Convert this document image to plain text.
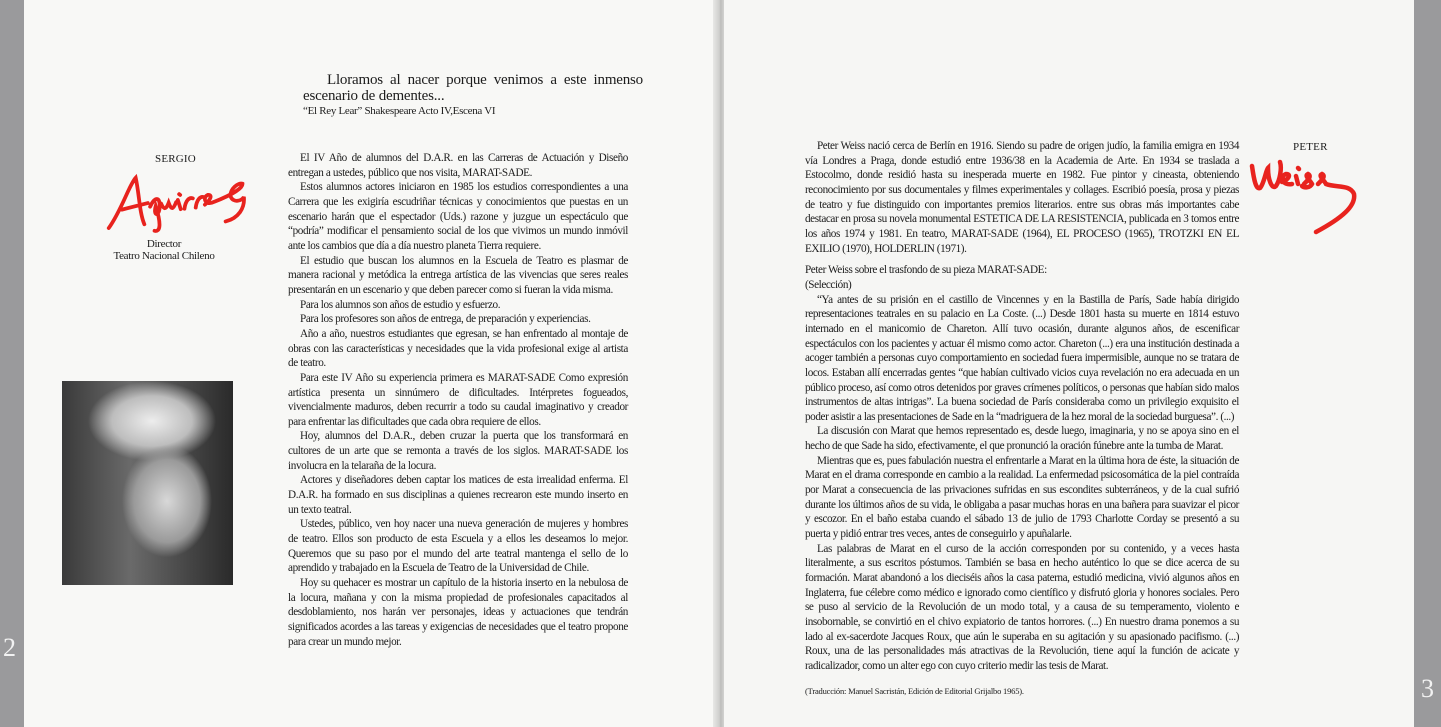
Lloramos al nacer porque venimos a este inmenso escenario de dementes...
“El Rey Lear” Shakespeare Acto IV,Escena VI
SERGIO
Director
Teatro Nacional Chileno

El IV Año de alumnos del D.A.R. en las Carreras de Actuación y Diseño entregan a ustedes, público que nos visita, MARAT-SADE.

Estos alumnos actores iniciaron en 1985 los estudios correspondientes a una Carrera que les exigiría escudriñar técnicas y conocimientos que puestas en un escenario harán que el espectador (Uds.) razone y juzgue un espectáculo que “podría” modificar el pensamiento social de los que vivimos un mundo inmóvil ante los cambios que día a día nuestro planeta Tierra requiere.

El estudio que buscan los alumnos en la Escuela de Teatro es plasmar de manera racional y metódica la entrega artística de las vivencias que seres reales presentarán en un escenario y que deben parecer como si fueran la vida misma.

Para los alumnos son años de estudio y esfuerzo.

Para los profesores son años de entrega, de preparación y experiencias.

Año a año, nuestros estudiantes que egresan, se han enfrentado al montaje de obras con las características y necesidades que la vida profesional exige al artista de teatro.

Para este IV Año su experiencia primera es MARAT-SADE Como expresión artística presenta un sinnúmero de dificultades. Intérpretes fogueados, vivencialmente maduros, deben recurrir a todo su caudal imaginativo y creador para enfrentar las dificultades que cada obra requiere de ellos.

Hoy, alumnos del D.A.R., deben cruzar la puerta que los transformará en cultores de un arte que se remonta a través de los siglos. MARAT-SADE los involucra en la telaraña de la locura.

Actores y diseñadores deben captar los matices de esta irrealidad enferma. El D.A.R. ha formado en sus disciplinas a quienes recrearon este mundo inserto en un texto teatral.

Ustedes, público, ven hoy nacer una nueva generación de mujeres y hombres de teatro. Ellos son producto de esta Escuela y a ellos les deseamos lo mejor. Queremos que su paso por el mundo del arte teatral mantenga el sello de lo aprendido y trabajado en la Escuela de Teatro de la Universidad de Chile.

Hoy su quehacer es mostrar un capítulo de la historia inserto en la nebulosa de la locura, mañana y con la misma propiedad de profesionales capacitados al desdoblamiento, nos harán ver personajes, ideas y actuaciones que tendrán significados acordes a las tareas y exigencias de necesidades que el teatro propone para crear un mundo mejor.

2

Peter Weiss nació cerca de Berlín en 1916. Siendo su padre de origen judío, la familia emigra en 1934 vía Londres a Praga, donde estudió entre 1936/38 en la Academia de Arte. En 1934 se traslada a Estocolmo, donde residió hasta su inesperada muerte en 1982. Fue pintor y cineasta, obteniendo reconocimiento por sus documentales y filmes experimentales y collages. Escribió poesía, prosa y piezas de teatro y fue distinguido con importantes premios literarios. entre sus obras más importantes cabe destacar en prosa su novela monumental ESTETICA DE LA RESISTENCIA, publicada en 3 tomos entre los años 1974 y 1981. En teatro, MARAT-SADE (1964), EL PROCESO (1965), TROTZKI EN EL EXILIO (1970), HOLDERLIN (1971).

Peter Weiss sobre el trasfondo de su pieza MARAT-SADE:

(Selección)

“Ya antes de su prisión en el castillo de Vincennes y en la Bastilla de París, Sade había dirigido representaciones teatrales en su palacio en La Coste. (...) Desde 1801 hasta su muerte en 1814 estuvo internado en el manicomio de Chareton. Allí tuvo ocasión, durante algunos años, de escenificar espectáculos con los pacientes y actuar él mismo como actor. Chareton (...) era una institución destinada a acoger también a personas cuyo comportamiento en sociedad fuera impermisible, aunque no se tratara de locos. Estaban allí encerradas gentes “que habían cultivado vicios cuya revelación no era adecuada en un público proceso, así como otros detenidos por graves crímenes políticos, o personas que habían sido malos instrumentos de altas intrigas”. La buena sociedad de París consideraba como un privilegio exquisito el poder asistir a las presentaciones de Sade en la “madriguera de la hez moral de la sociedad burguesa”. (...)

La discusión con Marat que hemos representado es, desde luego, imaginaria, y no se apoya sino en el hecho de que Sade ha sido, efectivamente, el que pronunció la oración fúnebre ante la tumba de Marat.

Mientras que es, pues fabulación nuestra el enfrentarle a Marat en la última hora de éste, la situación de Marat en el drama corresponde en cambio a la realidad. La enfermedad psicosomática de la piel contraída por Marat a consecuencia de las privaciones sufridas en sus escondites subterráneos, y de la cual sufrió durante los últimos años de su vida, le obligaba a pasar muchas horas en una bañera para suavizar el picor y escozor. En el baño estaba cuando el sábado 13 de julio de 1793 Charlotte Corday se presentó a su puerta y pidió entrar tres veces, antes de conseguirlo y apuñalarle.

Las palabras de Marat en el curso de la acción corresponden por su contenido, y a veces hasta literalmente, a sus escritos póstumos. También se basa en hecho auténtico lo que se dice acerca de su formación. Marat abandonó a los dieciséis años la casa paterna, estudió medicina, vivió algunos años en Inglaterra, fue célebre como médico e ignorado como científico y disfrutó gloria y honores sociales. Pero se puso al servicio de la Revolución de un modo total, y a causa de su temperamento, violento e insobornable, se convirtió en el chivo expiatorio de tantos horrores. (...) En nuestro drama ponemos a su lado al ex-sacerdote Jacques Roux, que aún le superaba en su agitación y su apasionado pacifismo. (...) Roux, una de las personalidades más atractivas de la Revolución, tiene aquí la función de acicate y radicalizador, como un alter ego con cuyo criterio medir las tesis de Marat.

(Traducción: Manuel Sacristán, Edición de Editorial Grijalbo 1965).
PETER
3
